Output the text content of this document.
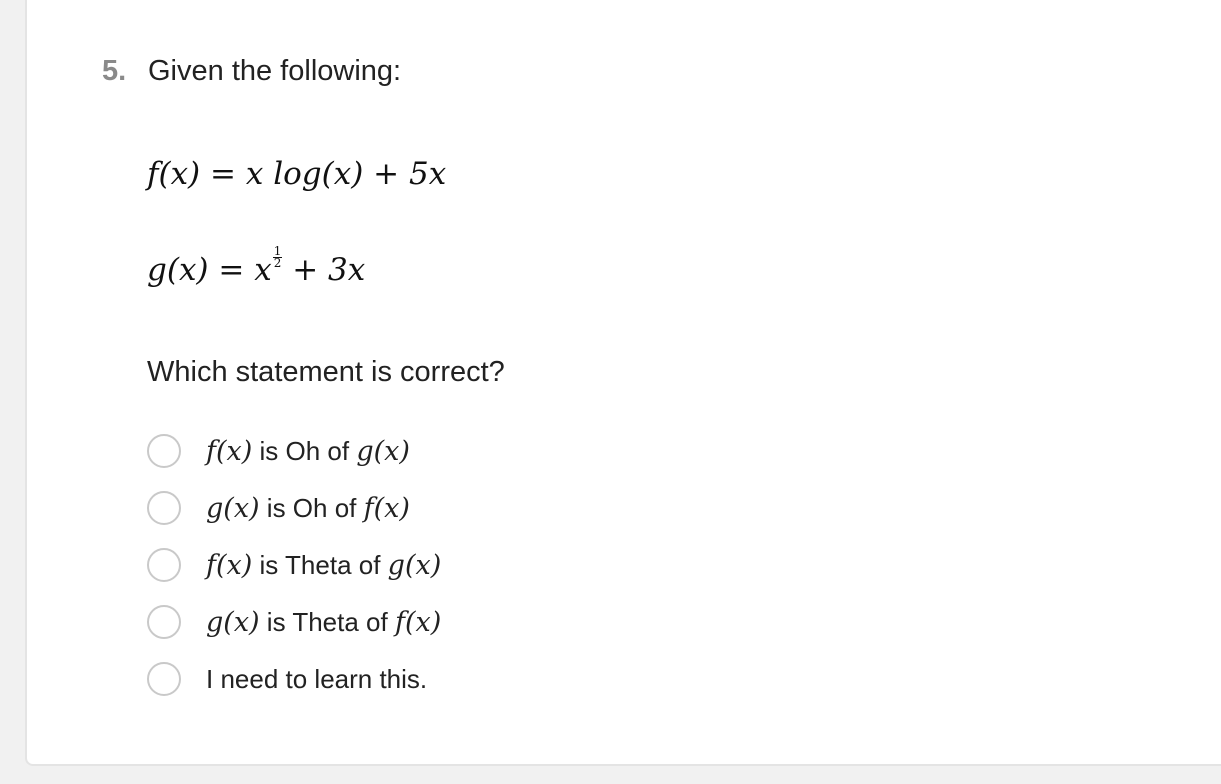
5. Given the following:
f(x) = x log(x) + 5x
g(x) = x $\frac{1}{2} + 3x$
Which statement is correct?
f(x) is Oh of g(x)
g(x) is Oh of f(x)
f(x) is Theta of g(x)
g(x) is Theta of f(x)
I need to learn this.
